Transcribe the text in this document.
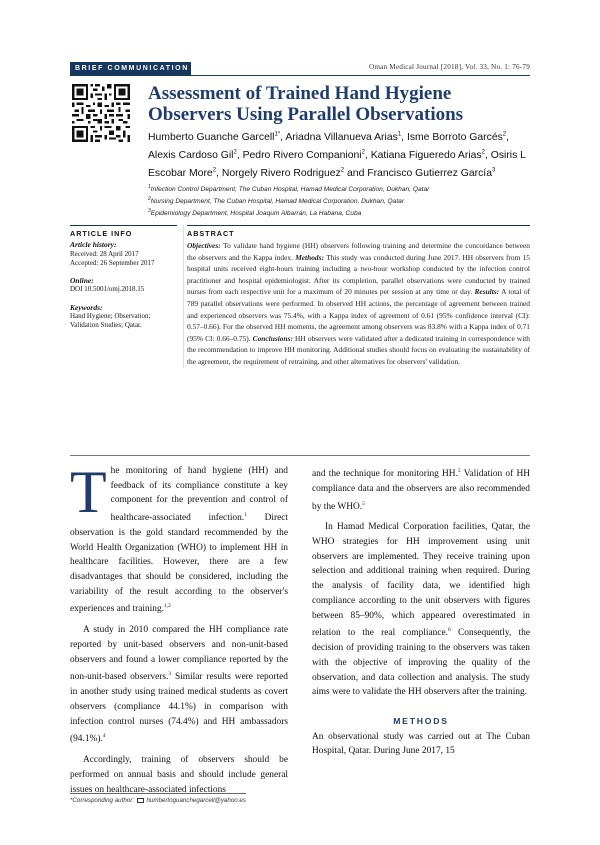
BRIEF COMMUNICATION	Oman Medical Journal [2018], Vol. 33, No. 1: 76-79
Assessment of Trained Hand Hygiene Observers Using Parallel Observations
Humberto Guanche Garcell$^{1*}$, Ariadna Villanueva Arias$^1$, Isme Borroto Garcés$^2$, Alexis Cardoso Gil$^2$, Pedro Rivero Companioni$^2$, Katiana Figueredo Arias$^2$, Osiris L Escobar More$^2$, Norgely Rivero Rodriguez$^2$ and Francisco Gutierrez García$^3$
$^1$Infection Control Department, The Cuban Hospital, Hamad Medical Corporation, Dukhan, Qatar
$^2$Nursing Department, The Cuban Hospital, Hamad Medical Corporation, Dukhan, Qatar
$^3$Epidemiology Department, Hospital Joaquín Albarrán, La Habana, Cuba
ARTICLE INFO
Article history:
Received: 28 April 2017
Accepted: 26 September 2017
Online:
DOI 10.5001/omj.2018.15
Keywords:
Hand Hygiene; Observation; Validation Studies; Qatar.
ABSTRACT
Objectives: To validate hand hygiene (HH) observers following training and determine the concordance between the observers and the Kappa index. Methods: This study was conducted during June 2017. HH observers from 15 hospital units received eight-hours training including a two-hour workshop conducted by the infection control practitioner and hospital epidemiologist. After its completion, parallel observations were conducted by trained nurses from each respective unit for a maximum of 20 minutes per session at any time or day. Results: A total of 789 parallel observations were performed. In observed HH actions, the percentage of agreement between trained and experienced observers was 75.4%, with a Kappa index of agreement of 0.61 (95% confidence interval (CI): 0.57–0.66). For the observed HH moments, the agreement among observers was 83.8% with a Kappa index of 0.71 (95% CI: 0.66–0.75). Conclusions: HH observers were validated after a dedicated training in correspondence with the recommendation to improve HH monitoring. Additional studies should focus on evaluating the sustainability of the agreement, the requirement of retraining, and other alternatives for observers' validation.

The monitoring of hand hygiene (HH) and feedback of its compliance constitute a key component for the prevention and control of healthcare-associated infection.$^1$ Direct observation is the gold standard recommended by the World Health Organization (WHO) to implement HH in healthcare facilities. However, there are a few disadvantages that should be considered, including the variability of the result according to the observer's experiences and training.$^{1,2}$

A study in 2010 compared the HH compliance rate reported by unit-based observers and non-unit-based observers and found a lower compliance reported by the non-unit-based observers.$^3$ Similar results were reported in another study using trained medical students as covert observers (compliance 44.1%) in comparison with infection control nurses (74.4%) and HH ambassadors (94.1%).$^4$

Accordingly, training of observers should be performed on annual basis and should include general issues on healthcare-associated infections

and the technique for monitoring HH.$^5$ Validation of HH compliance data and the observers are also recommended by the WHO.$^5$

In Hamad Medical Corporation facilities, Qatar, the WHO strategies for HH improvement using unit observers are implemented. They receive training upon selection and additional training when required. During the analysis of facility data, we identified high compliance according to the unit observers with figures between 85–90%, which appeared overestimated in relation to the real compliance.$^6$ Consequently, the decision of providing training to the observers was taken with the objective of improving the quality of the observation, and data collection and analysis. The study aims were to validate the HH observers after the training.

METHODS

An observational study was carried out at The Cuban Hospital, Qatar. During June 2017, 15

*Corresponding author: humbertoguanchegarcell@yahoo.es
